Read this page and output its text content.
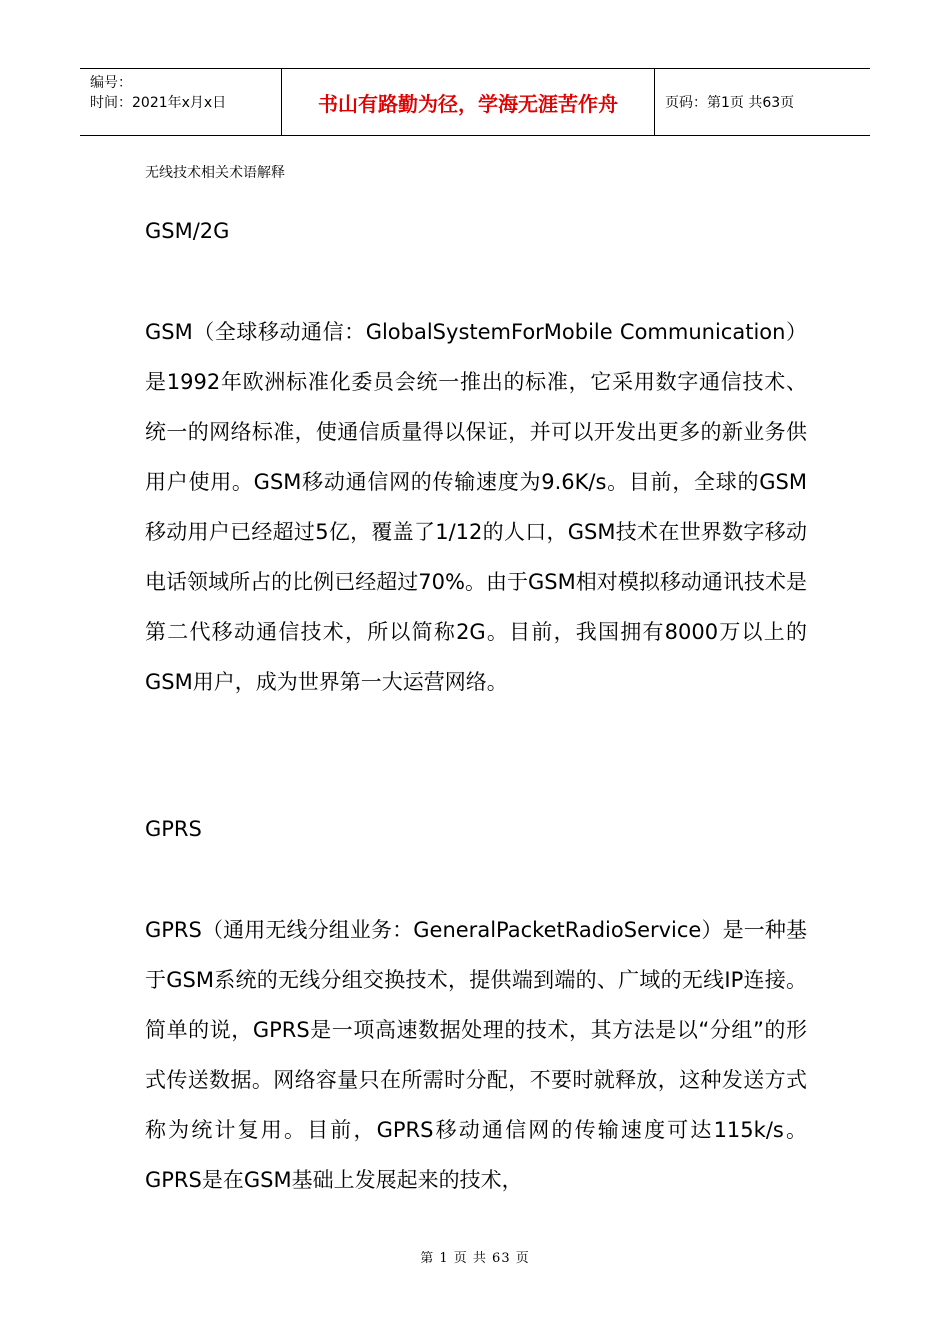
编号：
时间：2021年x月x日	书山有路勤为径，学海无涯苦作舟	页码：第1页 共63页
无线技术相关术语解释
GSM/2G

GSM（全球移动通信：GlobalSystemForMobile Communication）是1992年欧洲标准化委员会统一推出的标准，它采用数字通信技术、统一的网络标准，使通信质量得以保证，并可以开发出更多的新业务供用户使用。GSM移动通信网的传输速度为9.6K/s。目前，全球的GSM移动用户已经超过5亿，覆盖了1/12的人口，GSM技术在世界数字移动电话领域所占的比例已经超过70%。由于GSM相对模拟移动通讯技术是第二代移动通信技术，所以简称2G。目前，我国拥有8000万以上的GSM用户，成为世界第一大运营网络。

GPRS

GPRS（通用无线分组业务：GeneralPacketRadioService）是一种基于GSM系统的无线分组交换技术，提供端到端的、广域的无线IP连接。简单的说，GPRS是一项高速数据处理的技术，其方法是以“分组”的形式传送数据。网络容量只在所需时分配，不要时就释放，这种发送方式称为统计复用。目前，GPRS移动通信网的传输速度可达115k/s。GPRS是在GSM基础上发展起来的技术，

第 1 页 共 63 页
